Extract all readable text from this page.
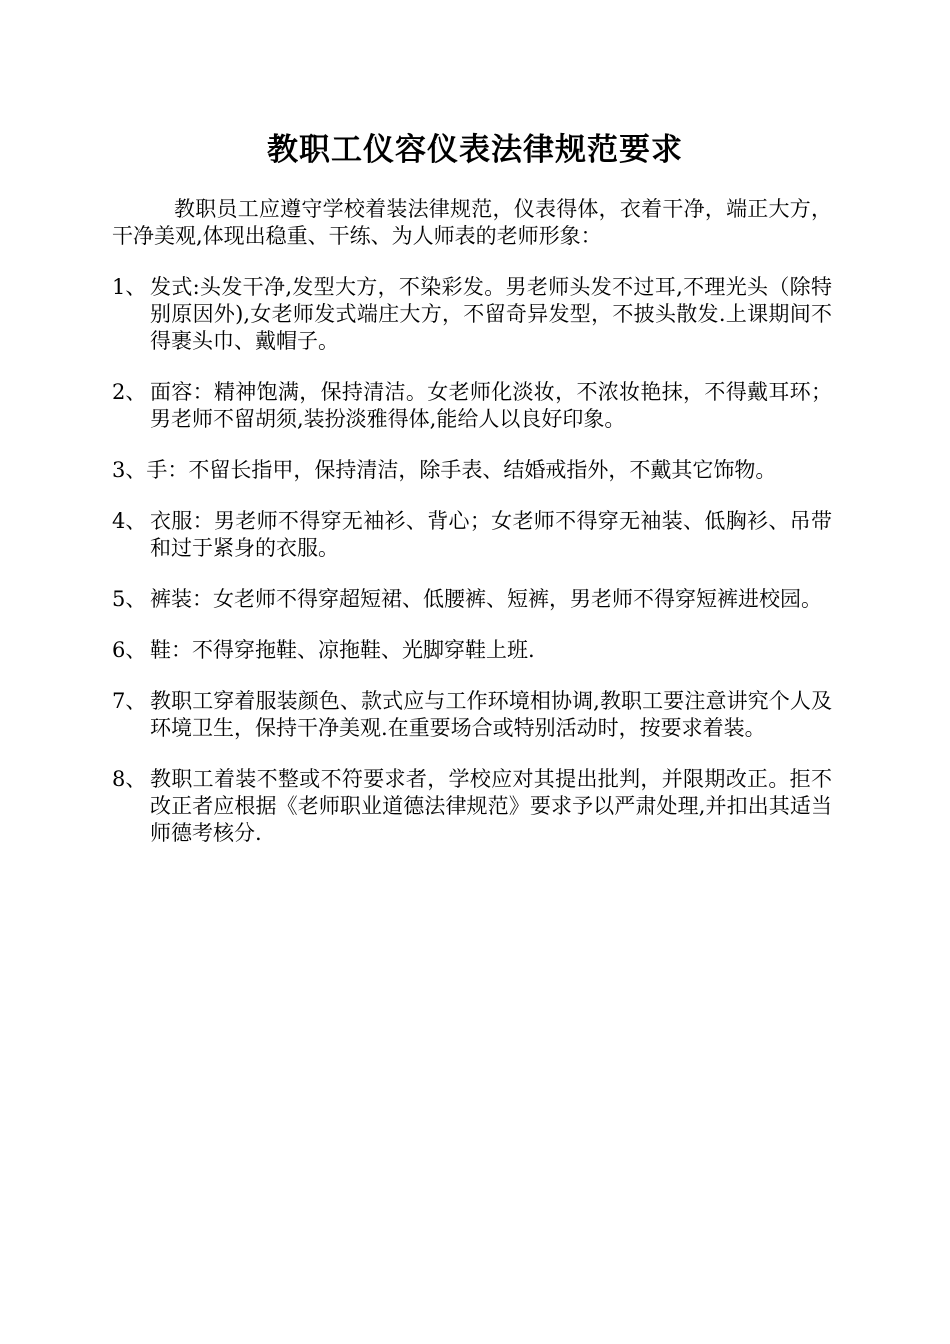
教职工仪容仪表法律规范要求

教职员工应遵守学校着装法律规范，仪表得体，衣着干净，端正大方，干净美观,体现出稳重、干练、为人师表的老师形象：

1、 发式:头发干净,发型大方，不染彩发。男老师头发不过耳,不理光头（除特别原因外),女老师发式端庄大方，不留奇异发型，不披头散发.上课期间不得裹头巾、戴帽子。
2、 面容：精神饱满，保持清洁。女老师化淡妆，不浓妆艳抹，不得戴耳环；男老师不留胡须,装扮淡雅得体,能给人以良好印象。
3、手：不留长指甲，保持清洁，除手表、结婚戒指外，不戴其它饰物。
4、 衣服：男老师不得穿无袖衫、背心；女老师不得穿无袖装、低胸衫、吊带和过于紧身的衣服。
5、 裤装：女老师不得穿超短裙、低腰裤、短裤，男老师不得穿短裤进校园。
6、 鞋：不得穿拖鞋、凉拖鞋、光脚穿鞋上班.
7、 教职工穿着服装颜色、款式应与工作环境相协调,教职工要注意讲究个人及环境卫生，保持干净美观.在重要场合或特别活动时，按要求着装。
8、 教职工着装不整或不符要求者，学校应对其提出批判，并限期改正。拒不改正者应根据《老师职业道德法律规范》要求予以严肃处理,并扣出其适当师德考核分.
